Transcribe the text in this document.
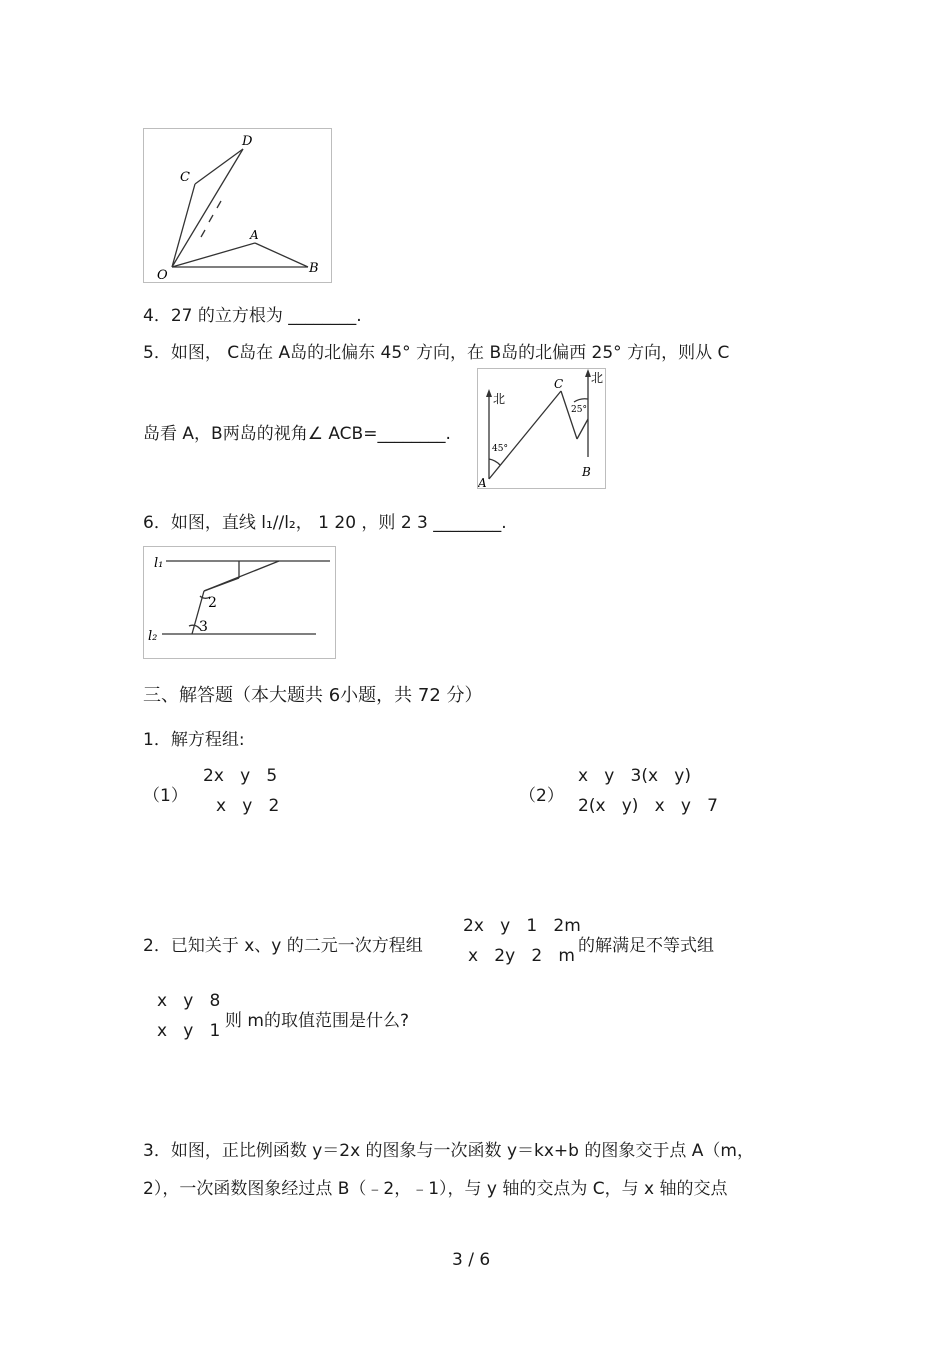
D
C
A
O	B
4．27 的立方根为 ________.
5．如图， C岛在 A岛的北偏东 45° 方向，在 B岛的北偏西 25° 方向，则从 C
岛看 A，B两岛的视角∠ ACB=________.
北
北
C
A
B
45°
25°
6．如图，直线 l₁//l₂， 1 20 ，则 2 3 ________.
l₁
l₂
2
3
三、解答题（本大题共 6小题，共 72 分）
1．解方程组:
（1）
2x   y   5
x   y   2	（2）
x   y   3(x   y)
2(x   y)   x   y   7
2．已知关于 x、y 的二元一次方程组
2x   y   1   2m
x   2y   2   m 的解满足不等式组
x   y   8
x   y   1 则 m的取值范围是什么?
3．如图，正比例函数 y＝2x 的图象与一次函数 y＝kx+b 的图象交于点 A（m，
2），一次函数图象经过点 B（﹣2，﹣1），与 y 轴的交点为 C，与 x 轴的交点
3 / 6
